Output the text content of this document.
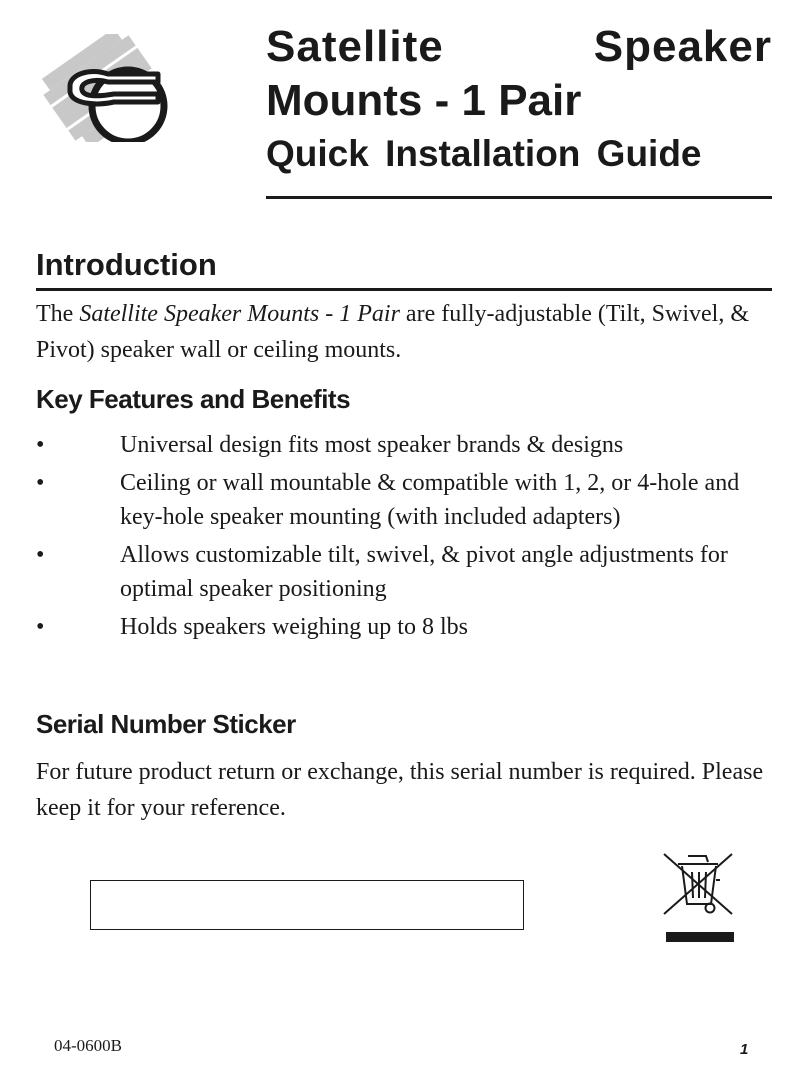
Satellite	Speaker
Mounts - 1 Pair
Quick Installation Guide
Introduction

The Satellite Speaker Mounts - 1 Pair are fully-adjustable (Tilt, Swivel, & Pivot) speaker wall or ceiling mounts.

Key Features and Benefits
•	Universal design fits most speaker brands & designs
•	Ceiling or wall mountable & compatible with 1, 2, or 4-hole and key-hole speaker mounting (with included adapters)
•	Allows customizable tilt, swivel, & pivot angle adjustments for optimal speaker positioning
•	Holds speakers weighing up to 8 lbs
Serial Number Sticker

For future product return or exchange, this serial number is required. Please keep it for your reference.

04-0600B	1
